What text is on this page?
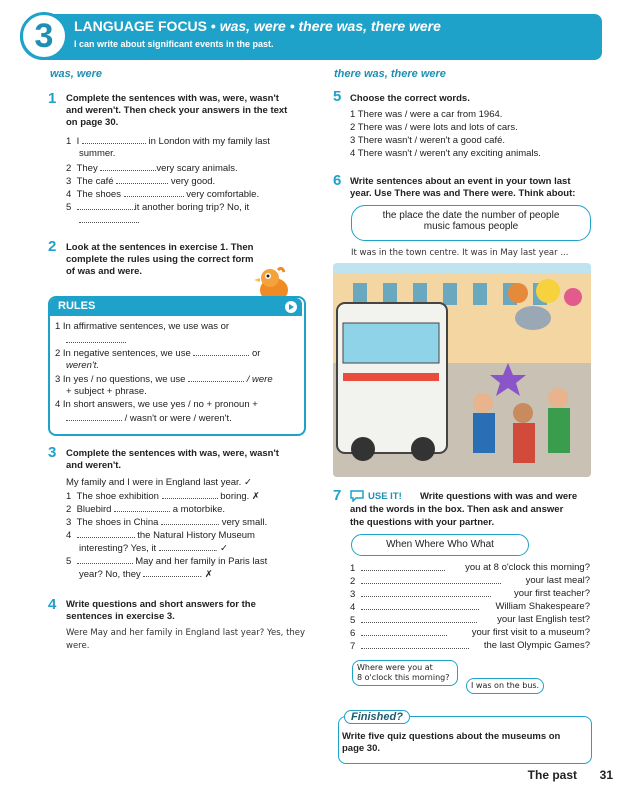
3	LANGUAGE FOCUS • was, were • there was, there were
I can write about significant events in the past.
was, were
1 Complete the sentences with was, were, wasn't
and weren't. Then check your answers in the text
on page 30.
1 I	in London with my family last
summer.
2 They	very scary animals.
3 The café	very good.
4 The shoes	very comfortable.
5	it another boring trip? No, it
.
2 Look at the sentences in exercise 1. Then
complete the rules using the correct form
of was and were.
RULES
1 In affirmative sentences, we use was or
.
2 In negative sentences, we use	or
weren't.
3 In yes / no questions, we use	/ were
+ subject + phrase.
4 In short answers, we use yes / no + pronoun +
/ wasn't or were / weren't.
3 Complete the sentences with was, were, wasn't
and weren't.
My family and I were in England last year. ✓
1 The shoe exhibition	boring. ✗
2 Bluebird	a motorbike.
3 The shoes in China	very small.
4	the Natural History Museum
interesting? Yes, it	. ✓
5	May and her family in Paris last
year? No, they	. ✗
4 Write questions and short answers for the
sentences in exercise 3.
Were May and her family in England last year? Yes, they
were.
there was, there were
5 Choose the correct words.
1 There was / were a car from 1964.
2 There was / were lots and lots of cars.
3 There wasn't / weren't a good café.
4 There wasn't / weren't any exciting animals.
6 Write sentences about an event in your town last
year. Use There was and There were. Think about:
the place the date the number of people
music famous people
It was in the town centre. It was in May last year ...
7	USE IT! Write questions with was and were
and the words in the box. Then ask and answer
the questions with your partner.
When Where Who What
1	you at 8 o'clock this morning?
2	your last meal?
3	your first teacher?
4	William Shakespeare?
5	your last English test?
6	your first visit to a museum?
7	the last Olympic Games?
Where were you at
8 o'clock this morning?
I was on the bus.
Finished?
Write five quiz questions about the museums on
page 30.
The past 31
